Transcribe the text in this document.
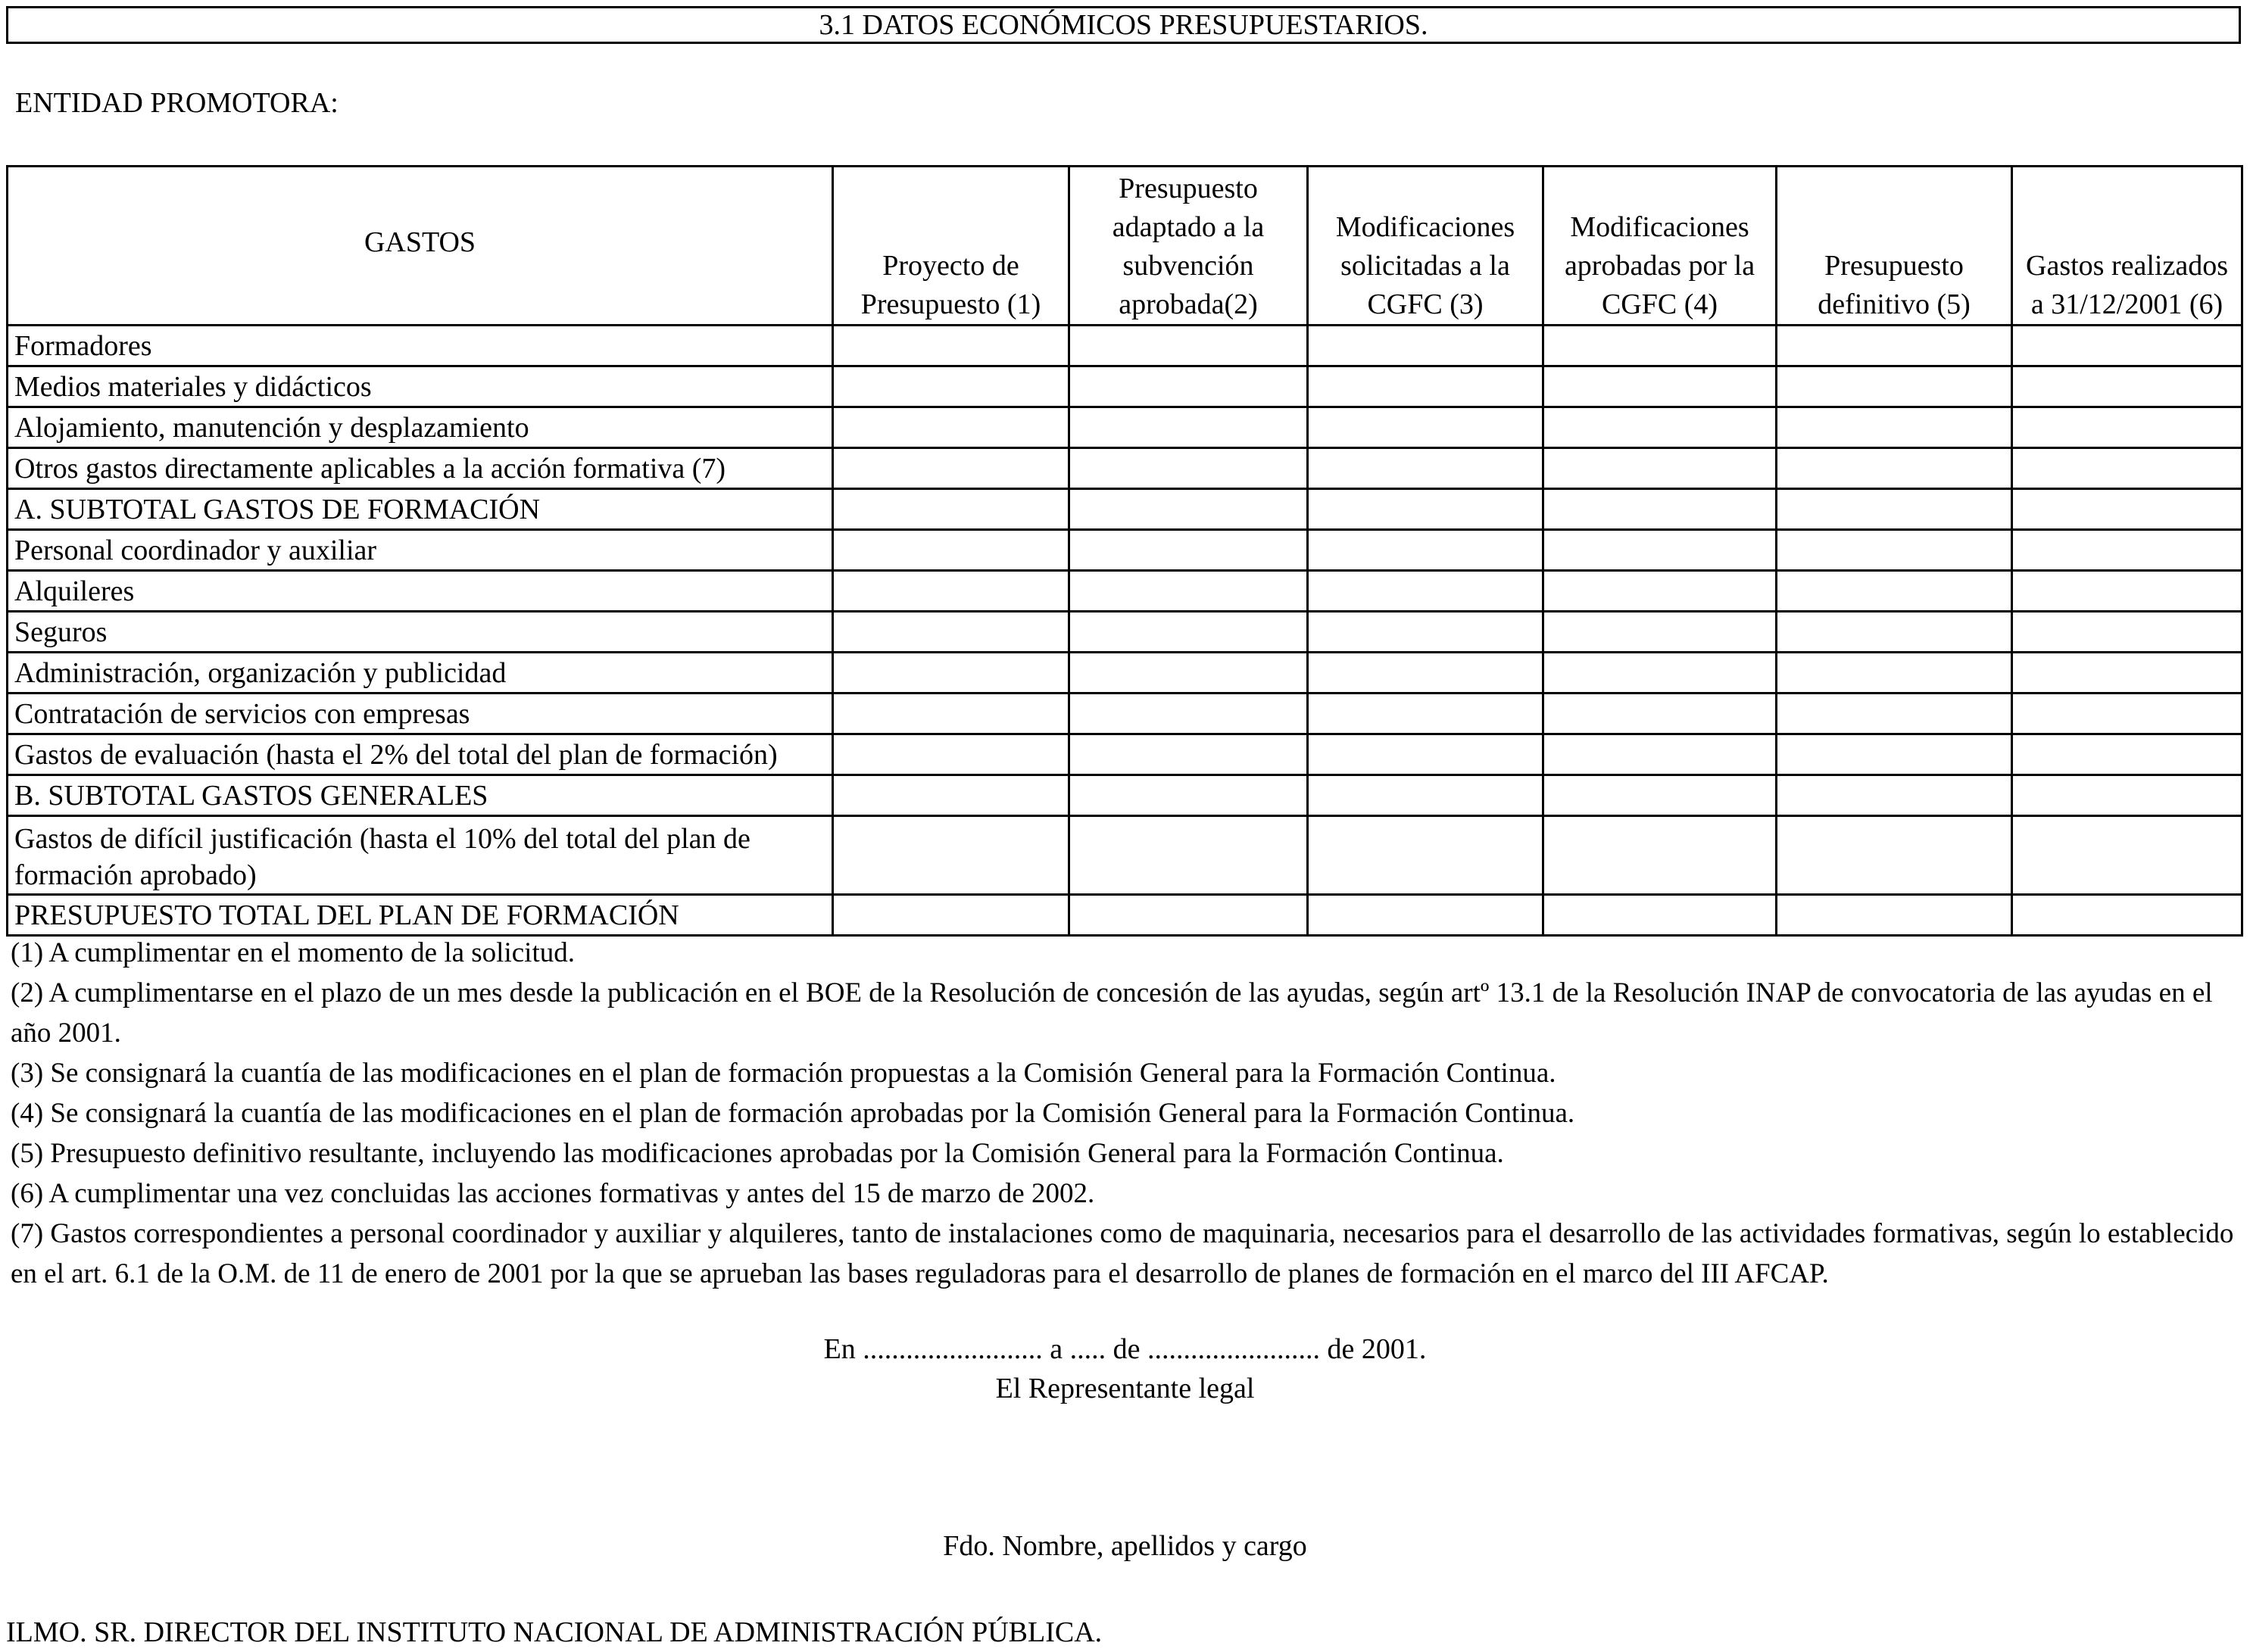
3.1 DATOS ECONÓMICOS PRESUPUESTARIOS.
ENTIDAD PROMOTORA:
GASTOS	Proyecto de Presupuesto (1)	Presupuesto adaptado a la subvención aprobada(2)	Modificaciones solicitadas a la CGFC (3)	Modificaciones aprobadas por la CGFC (4)	Presupuesto definitivo (5)	Gastos realizados a 31/12/2001 (6)
Formadores						
Medios materiales y didácticos						
Alojamiento, manutención y desplazamiento						
Otros gastos directamente aplicables a la acción formativa (7)						
A. SUBTOTAL GASTOS DE FORMACIÓN						
Personal coordinador y auxiliar						
Alquileres						
Seguros						
Administración, organización y publicidad						
Contratación de servicios con empresas						
Gastos de evaluación (hasta el 2% del total del plan de formación)						
B. SUBTOTAL GASTOS GENERALES						
Gastos de difícil justificación (hasta el 10% del total del plan de formación aprobado)						
PRESUPUESTO TOTAL DEL PLAN DE FORMACIÓN						

(1) A cumplimentar en el momento de la solicitud.

(2) A cumplimentarse en el plazo de un mes desde la publicación en el BOE de la Resolución de concesión de las ayudas, según artº 13.1 de la Resolución INAP de convocatoria de las ayudas en el año 2001.

(3) Se consignará la cuantía de las modificaciones en el plan de formación propuestas a la Comisión General para la Formación Continua.

(4) Se consignará la cuantía de las modificaciones en el plan de formación aprobadas por la Comisión General para la Formación Continua.

(5) Presupuesto definitivo resultante, incluyendo las modificaciones aprobadas por la Comisión General para la Formación Continua.

(6) A cumplimentar una vez concluidas las acciones formativas y antes del 15 de marzo de 2002.

(7) Gastos correspondientes a personal coordinador y auxiliar y alquileres, tanto de instalaciones como de maquinaria, necesarios para el desarrollo de las actividades formativas, según lo establecido en el art. 6.1 de la O.M. de 11 de enero de 2001 por la que se aprueban las bases reguladoras para el desarrollo de planes de formación en el marco del III AFCAP.

En ......................... a ..... de ........................ de 2001.
El Representante legal
Fdo. Nombre, apellidos y cargo
ILMO. SR. DIRECTOR DEL INSTITUTO NACIONAL DE ADMINISTRACIÓN PÚBLICA.
